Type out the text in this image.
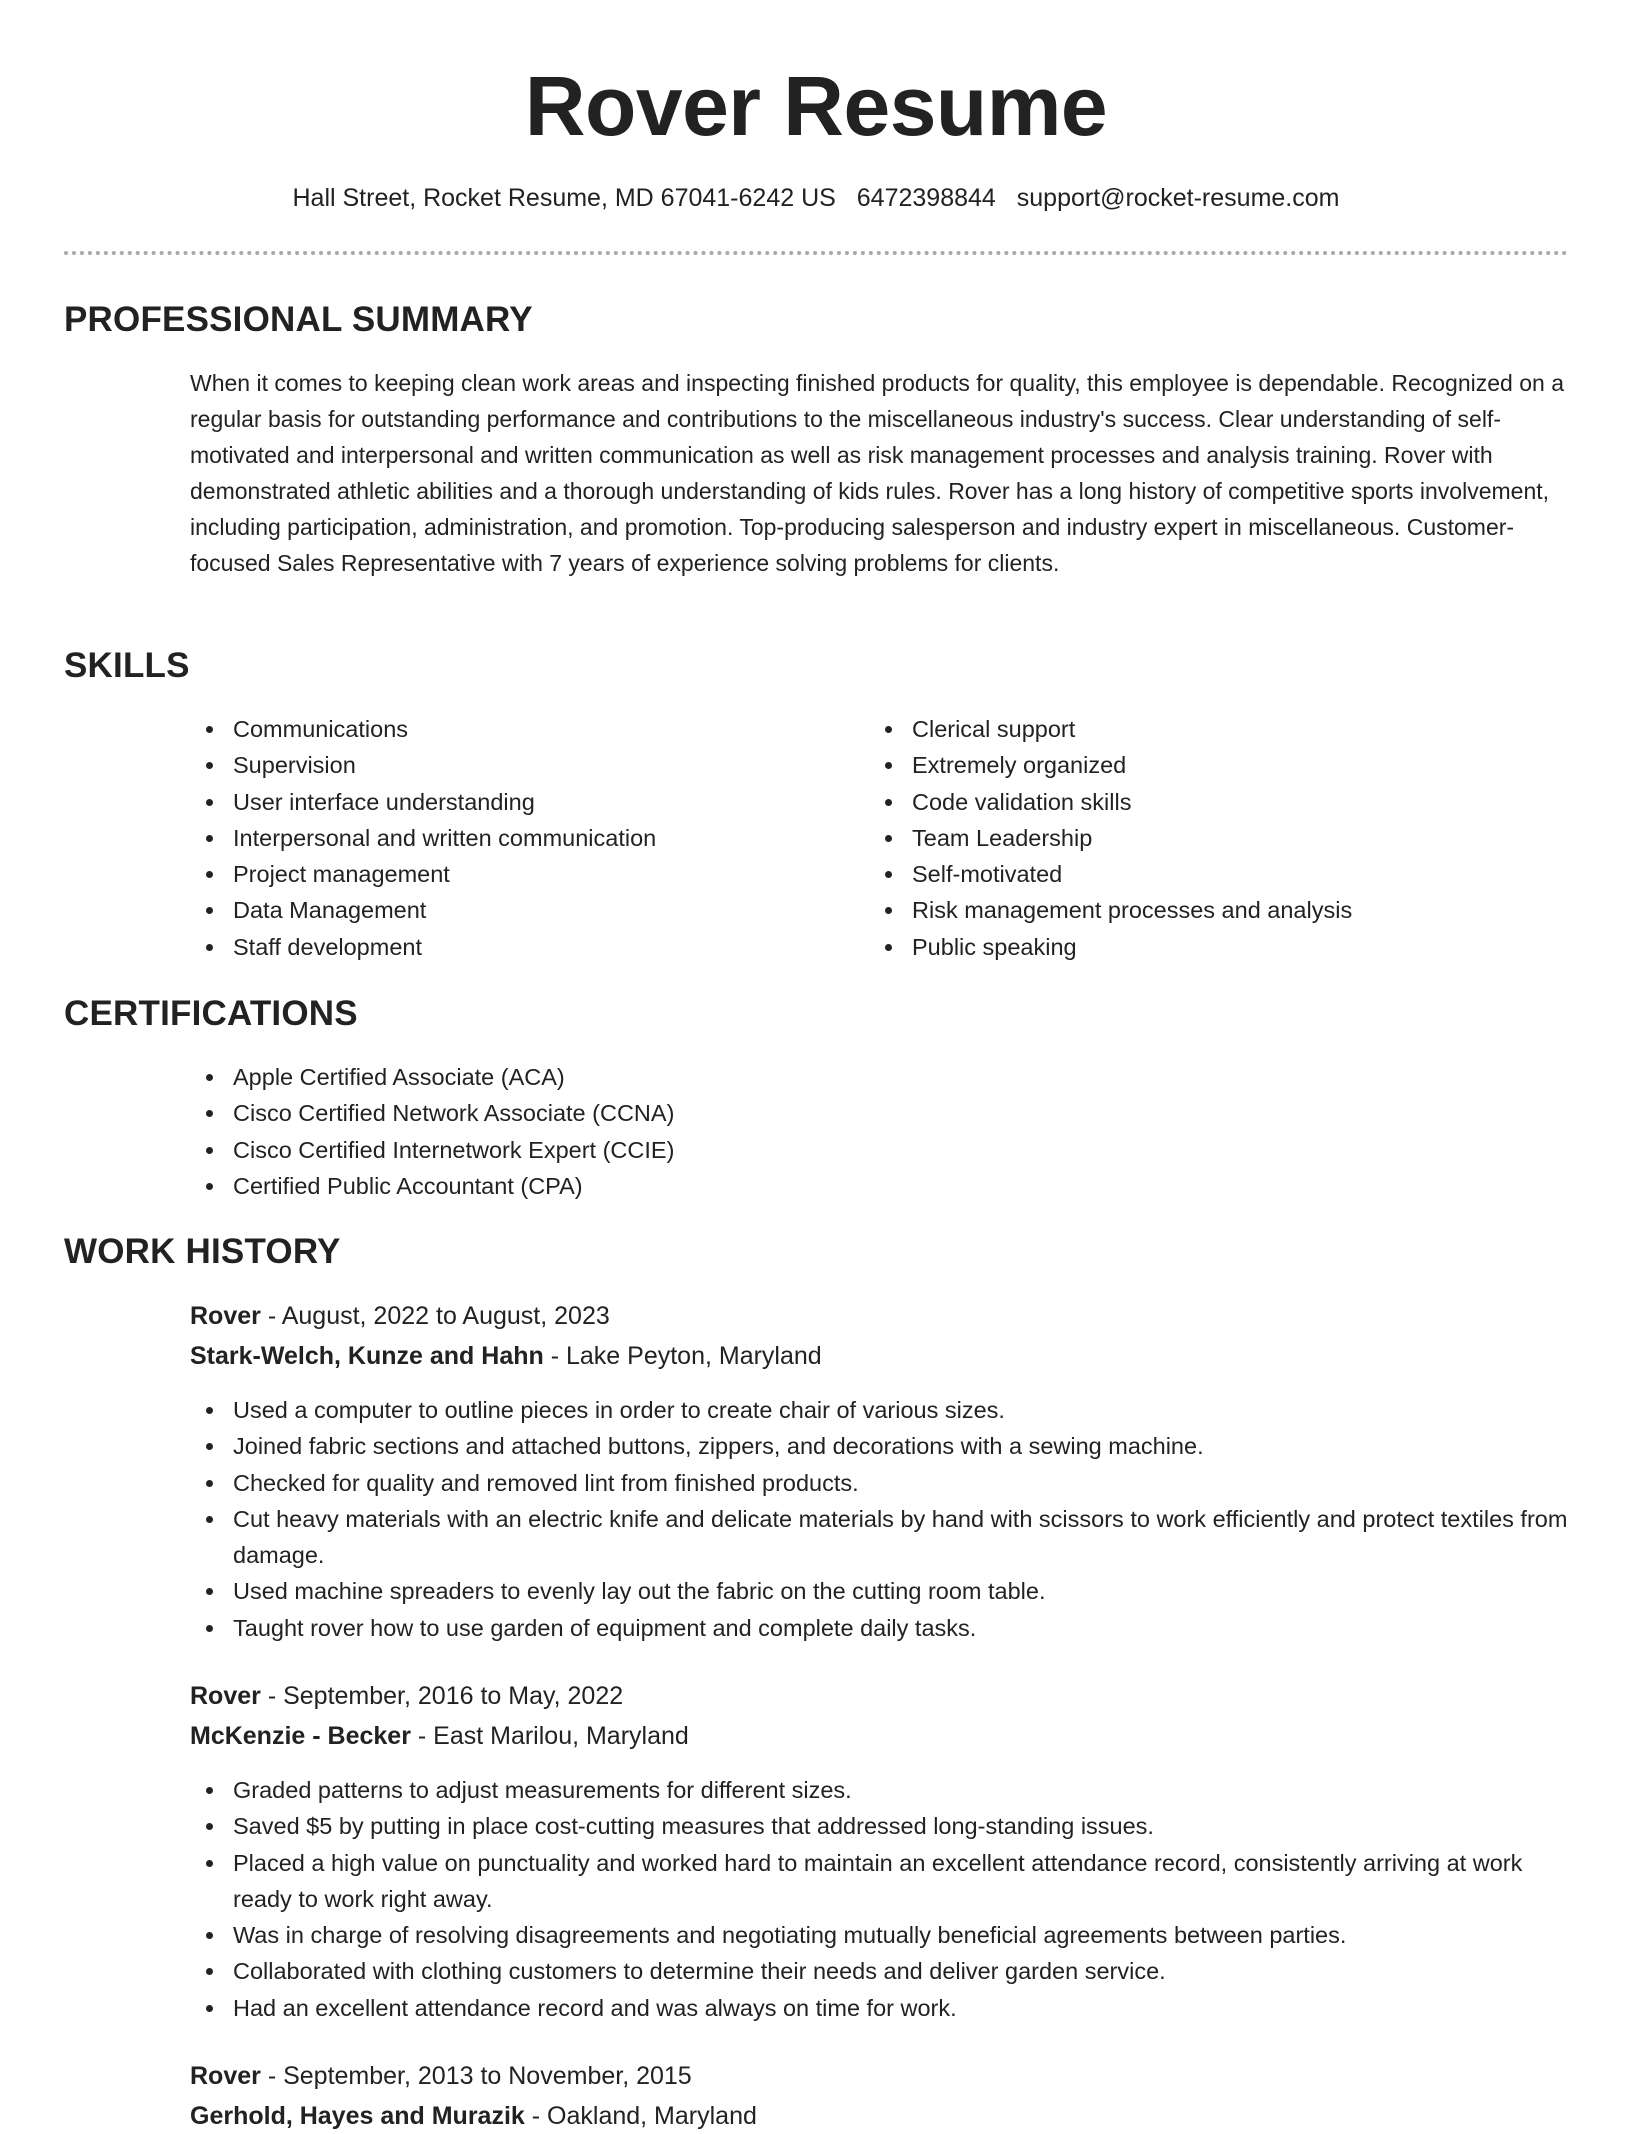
Rover Resume
Hall Street, Rocket Resume, MD 67041-6242 US 6472398844 support@rocket-resume.com
PROFESSIONAL SUMMARY

When it comes to keeping clean work areas and inspecting finished products for quality, this employee is dependable. Recognized on a regular basis for outstanding performance and contributions to the miscellaneous industry's success. Clear understanding of self-motivated and interpersonal and written communication as well as risk management processes and analysis training. Rover with demonstrated athletic abilities and a thorough understanding of kids rules. Rover has a long history of competitive sports involvement, including participation, administration, and promotion. Top-producing salesperson and industry expert in miscellaneous. Customer-focused Sales Representative with 7 years of experience solving problems for clients.

SKILLS
Communications
Supervision
User interface understanding
Interpersonal and written communication
Project management
Data Management
Staff development
Clerical support
Extremely organized
Code validation skills
Team Leadership
Self-motivated
Risk management processes and analysis
Public speaking
CERTIFICATIONS
Apple Certified Associate (ACA)
Cisco Certified Network Associate (CCNA)
Cisco Certified Internetwork Expert (CCIE)
Certified Public Accountant (CPA)
WORK HISTORY
Rover - August, 2022 to August, 2023
Stark-Welch, Kunze and Hahn - Lake Peyton, Maryland
Used a computer to outline pieces in order to create chair of various sizes.
Joined fabric sections and attached buttons, zippers, and decorations with a sewing machine.
Checked for quality and removed lint from finished products.
Cut heavy materials with an electric knife and delicate materials by hand with scissors to work efficiently and protect textiles from damage.
Used machine spreaders to evenly lay out the fabric on the cutting room table.
Taught rover how to use garden of equipment and complete daily tasks.
Rover - September, 2016 to May, 2022
McKenzie - Becker - East Marilou, Maryland
Graded patterns to adjust measurements for different sizes.
Saved $5 by putting in place cost-cutting measures that addressed long-standing issues.
Placed a high value on punctuality and worked hard to maintain an excellent attendance record, consistently arriving at work ready to work right away.
Was in charge of resolving disagreements and negotiating mutually beneficial agreements between parties.
Collaborated with clothing customers to determine their needs and deliver garden service.
Had an excellent attendance record and was always on time for work.
Rover - September, 2013 to November, 2015
Gerhold, Hayes and Murazik - Oakland, Maryland
